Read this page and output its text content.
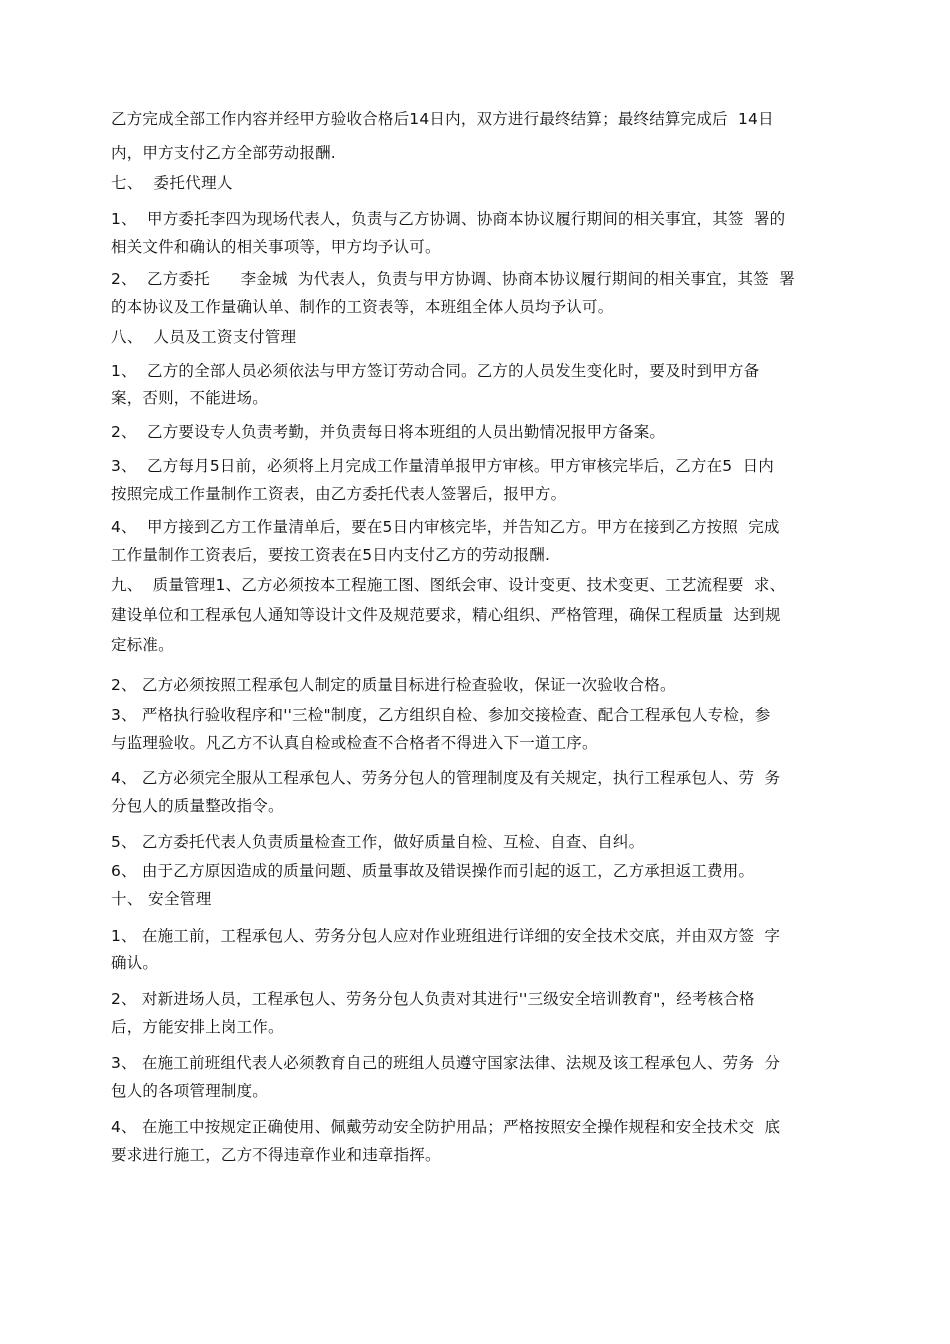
乙方完成全部工作内容并经甲方验收合格后14日内，双方进行最终结算；最终结算完成后  14日
内，甲方支付乙方全部劳动报酬.
七、  委托代理人
1、  甲方委托李四为现场代表人，负责与乙方协调、协商本协议履行期间的相关事宜，其签  署的
相关文件和确认的相关事项等，甲方均予认可。
2、  乙方委托      李金城  为代表人，负责与甲方协调、协商本协议履行期间的相关事宜，其签  署
的本协议及工作量确认单、制作的工资表等，本班组全体人员均予认可。
八、  人员及工资支付管理
1、  乙方的全部人员必须依法与甲方签订劳动合同。乙方的人员发生变化时，要及时到甲方备
案，否则，不能进场。
2、  乙方要设专人负责考勤，并负责每日将本班组的人员出勤情况报甲方备案。
3、  乙方每月5日前，必须将上月完成工作量清单报甲方审核。甲方审核完毕后，乙方在5  日内
按照完成工作量制作工资表，由乙方委托代表人签署后，报甲方。
4、  甲方接到乙方工作量清单后，要在5日内审核完毕，并告知乙方。甲方在接到乙方按照  完成
工作量制作工资表后，要按工资表在5日内支付乙方的劳动报酬.
九、  质量管理1、乙方必须按本工程施工图、图纸会审、设计变更、技术变更、工艺流程要  求、
建设单位和工程承包人通知等设计文件及规范要求，精心组织、严格管理，确保工程质量  达到规
定标准。
2、 乙方必须按照工程承包人制定的质量目标进行检查验收，保证一次验收合格。
3、 严格执行验收程序和''三检"制度，乙方组织自检、参加交接检查、配合工程承包人专检，参
与监理验收。凡乙方不认真自检或检查不合格者不得进入下一道工序。
4、 乙方必须完全服从工程承包人、劳务分包人的管理制度及有关规定，执行工程承包人、劳  务
分包人的质量整改指令。
5、 乙方委托代表人负责质量检查工作，做好质量自检、互检、自查、自纠。
6、 由于乙方原因造成的质量问题、质量事故及错误操作而引起的返工，乙方承担返工费用。
十、 安全管理
1、 在施工前，工程承包人、劳务分包人应对作业班组进行详细的安全技术交底，并由双方签  字
确认。
2、 对新进场人员，工程承包人、劳务分包人负责对其进行''三级安全培训教育"，经考核合格
后，方能安排上岗工作。
3、 在施工前班组代表人必须教育自己的班组人员遵守国家法律、法规及该工程承包人、劳务  分
包人的各项管理制度。
4、 在施工中按规定正确使用、佩戴劳动安全防护用品；严格按照安全操作规程和安全技术交  底
要求进行施工，乙方不得违章作业和违章指挥。
